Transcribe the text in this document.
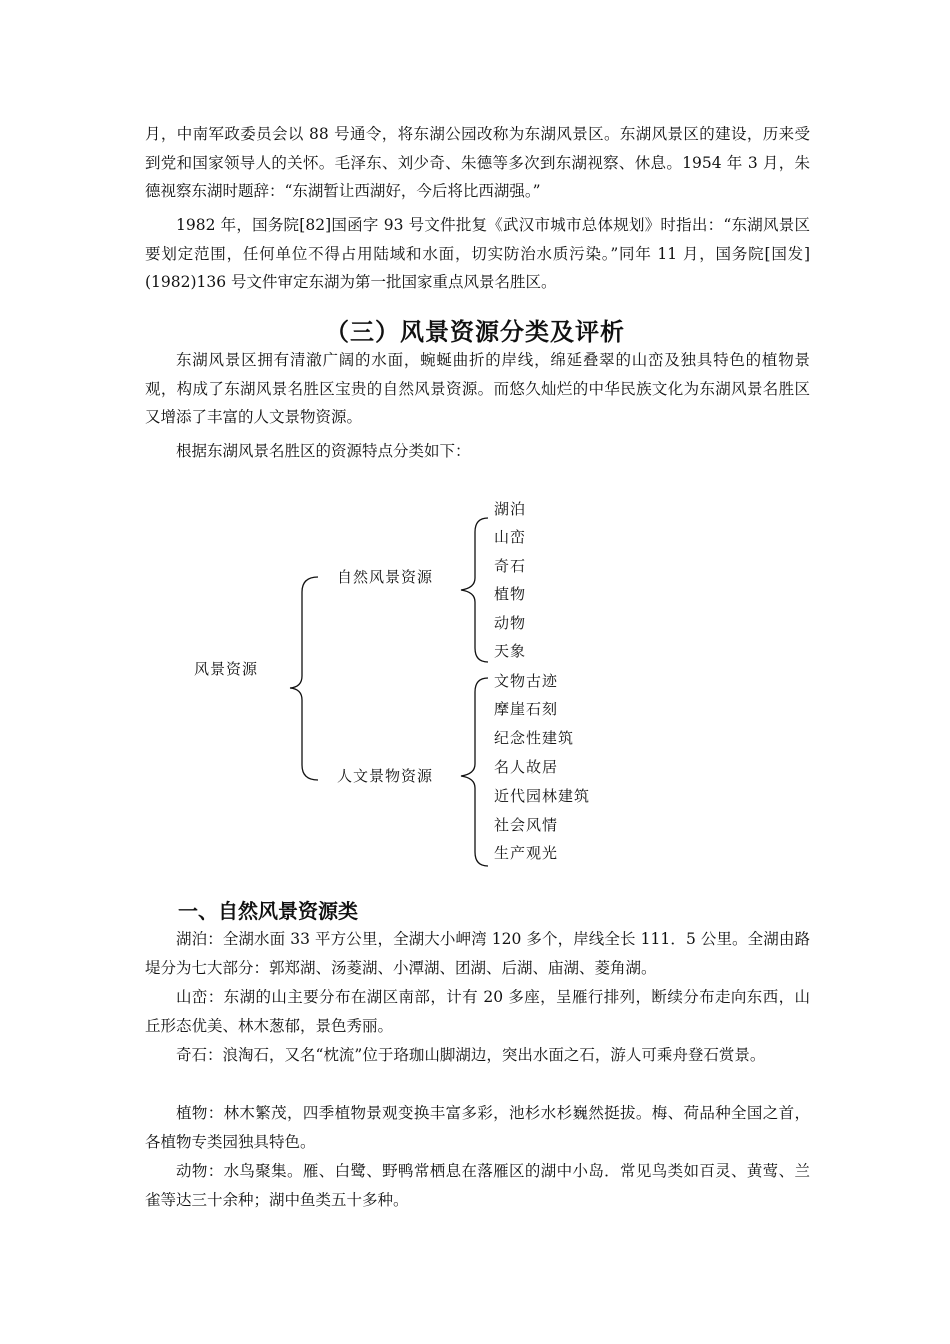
月，中南军政委员会以 88 号通令，将东湖公园改称为东湖风景区。东湖风景区的建设，历来受到党和国家领导人的关怀。毛泽东、刘少奇、朱德等多次到东湖视察、休息。1954 年 3 月，朱德视察东湖时题辞：“东湖暂让西湖好，今后将比西湖强。”

1982 年，国务院[82]国函字 93 号文件批复《武汉市城市总体规划》时指出：“东湖风景区要划定范围，任何单位不得占用陆域和水面，切实防治水质污染。”同年 11 月，国务院[国发](1982)136 号文件审定东湖为第一批国家重点风景名胜区。

（三）风景资源分类及评析

东湖风景区拥有清澈广阔的水面，蜿蜒曲折的岸线，绵延叠翠的山峦及独具特色的植物景观，构成了东湖风景名胜区宝贵的自然风景资源。而悠久灿烂的中华民族文化为东湖风景名胜区又增添了丰富的人文景物资源。

根据东湖风景名胜区的资源特点分类如下：

风景资源
自然风景资源
人文景物资源
湖泊
山峦
奇石
植物
动物
天象
文物古迹
摩崖石刻
纪念性建筑
名人故居
近代园林建筑
社会风情
生产观光
一、自然风景资源类

湖泊：全湖水面 33 平方公里，全湖大小岬湾 120 多个，岸线全长 111．5 公里。全湖由路堤分为七大部分：郭郑湖、汤菱湖、小潭湖、团湖、后湖、庙湖、菱角湖。

山峦：东湖的山主要分布在湖区南部，计有 20 多座，呈雁行排列，断续分布走向东西，山丘形态优美、林木葱郁，景色秀丽。

奇石：浪淘石，又名“枕流”位于珞珈山脚湖边，突出水面之石，游人可乘舟登石赏景。

植物：林木繁茂，四季植物景观变换丰富多彩，池杉水杉巍然挺拔。梅、荷品种全国之首，各植物专类园独具特色。

动物：水鸟聚集。雁、白鹭、野鸭常栖息在落雁区的湖中小岛．常见鸟类如百灵、黄莺、兰雀等达三十余种；湖中鱼类五十多种。
